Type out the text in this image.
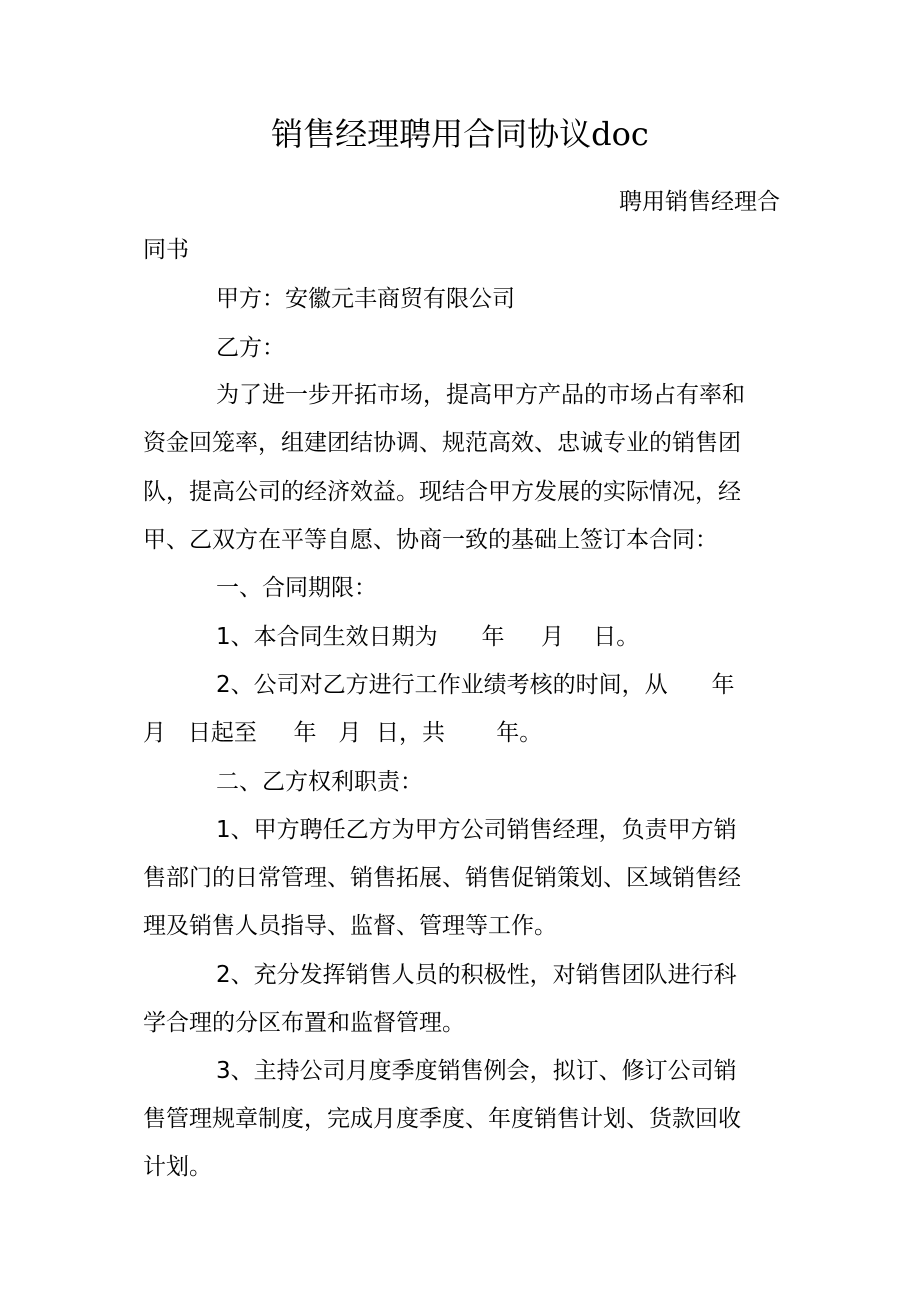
销售经理聘用合同协议doc

聘用销售经理合

同书

甲方：安徽元丰商贸有限公司

乙方：

为了进一步开拓市场，提高甲方产品的市场占有率和

资金回笼率，组建团结协调、规范高效、忠诚专业的销售团

队，提高公司的经济效益。现结合甲方发展的实际情况，经

甲、乙双方在平等自愿、协商一致的基础上签订本合同：

一、合同期限：

1、本合同生效日期为      年     月    日。

2、公司对乙方进行工作业绩考核的时间，从      年

月   日起至     年   月  日，共       年。

二、乙方权利职责：

1、甲方聘任乙方为甲方公司销售经理，负责甲方销

售部门的日常管理、销售拓展、销售促销策划、区域销售经

理及销售人员指导、监督、管理等工作。

2、充分发挥销售人员的积极性，对销售团队进行科

学合理的分区布置和监督管理。

3、主持公司月度季度销售例会，拟订、修订公司销

售管理规章制度，完成月度季度、年度销售计划、货款回收

计划。
